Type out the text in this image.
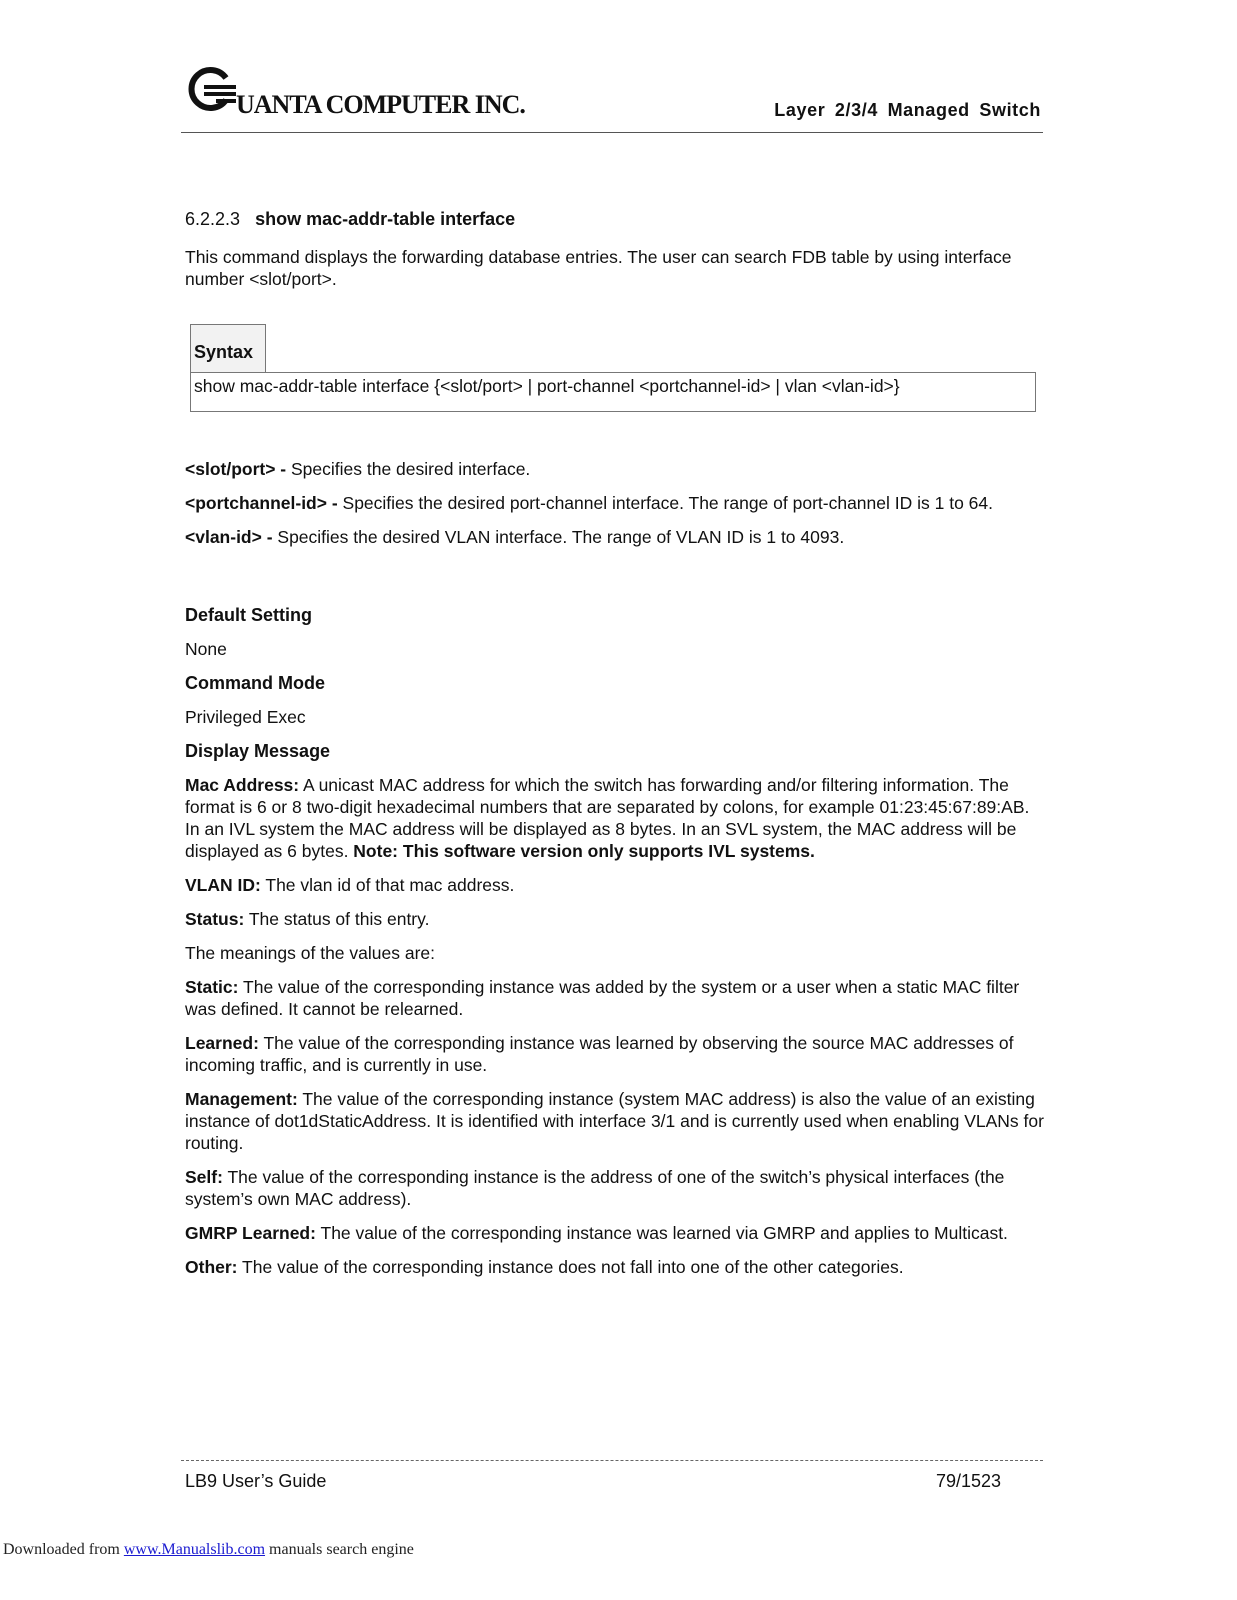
UANTA COMPUTER INC.	Layer 2/3/4 Managed Switch

6.2.2.3 show mac-addr-table interface

This command displays the forwarding database entries. The user can search FDB table by using interface number <slot/port>.

Syntax
show mac-addr-table interface {<slot/port> | port-channel <portchannel-id> | vlan <vlan-id>}

<slot/port> - Specifies the desired interface.

<portchannel-id> - Specifies the desired port-channel interface. The range of port-channel ID is 1 to 64.

<vlan-id> - Specifies the desired VLAN interface. The range of VLAN ID is 1 to 4093.

Default Setting

None

Command Mode

Privileged Exec

Display Message

Mac Address: A unicast MAC address for which the switch has forwarding and/or filtering information. The format is 6 or 8 two-digit hexadecimal numbers that are separated by colons, for example 01:23:45:67:89:AB. In an IVL system the MAC address will be displayed as 8 bytes. In an SVL system, the MAC address will be displayed as 6 bytes. Note: This software version only supports IVL systems.

VLAN ID: The vlan id of that mac address.

Status: The status of this entry.

The meanings of the values are:

Static: The value of the corresponding instance was added by the system or a user when a static MAC filter was defined. It cannot be relearned.

Learned: The value of the corresponding instance was learned by observing the source MAC addresses of incoming traffic, and is currently in use.

Management: The value of the corresponding instance (system MAC address) is also the value of an existing instance of dot1dStaticAddress. It is identified with interface 3/1 and is currently used when enabling VLANs for routing.

Self: The value of the corresponding instance is the address of one of the switch’s physical interfaces (the system’s own MAC address).

GMRP Learned: The value of the corresponding instance was learned via GMRP and applies to Multicast.

Other: The value of the corresponding instance does not fall into one of the other categories.

LB9 User’s Guide	79/1523
Downloaded from www.Manualslib.com manuals search engine
